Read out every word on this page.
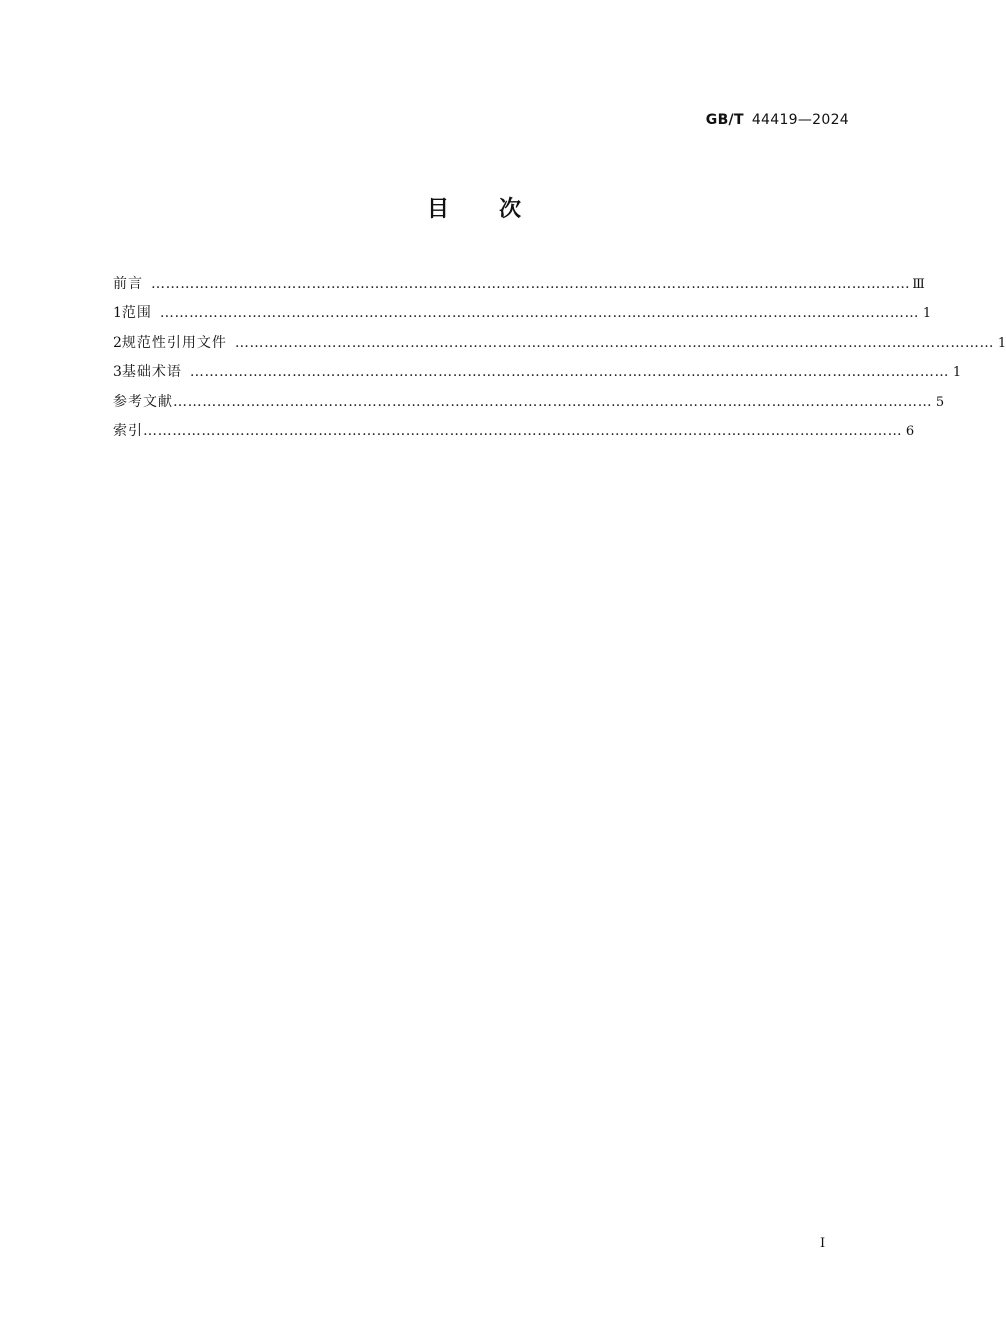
GB/T 44419—2024
目 次
前言 ………………………………………………………………………………………………………………………………………… Ⅲ
1 范围 ………………………………………………………………………………………………………………………………………… 1
2 规范性引用文件 ………………………………………………………………………………………………………………………………………… 1
3 基础术语 ………………………………………………………………………………………………………………………………………… 1
参考文献 ………………………………………………………………………………………………………………………………………… 5
索引 ………………………………………………………………………………………………………………………………………… 6
I
